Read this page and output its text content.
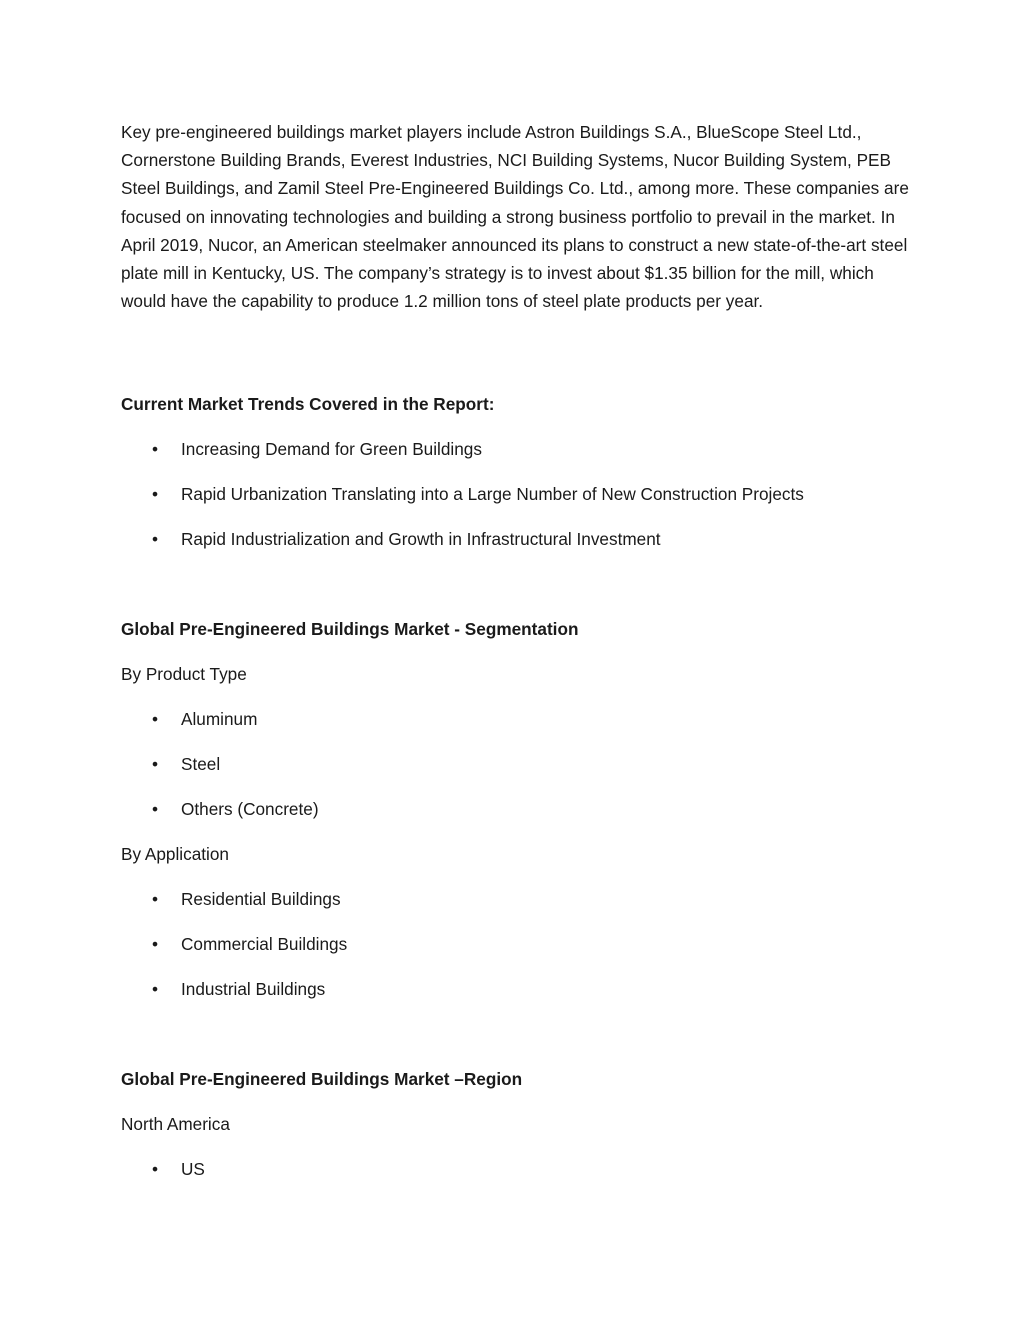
Key pre-engineered buildings market players include Astron Buildings S.A., BlueScope Steel Ltd., Cornerstone Building Brands, Everest Industries, NCI Building Systems, Nucor Building System, PEB Steel Buildings, and Zamil Steel Pre-Engineered Buildings Co. Ltd., among more. These companies are focused on innovating technologies and building a strong business portfolio to prevail in the market. In April 2019, Nucor, an American steelmaker announced its plans to construct a new state-of-the-art steel plate mill in Kentucky, US. The company’s strategy is to invest about $1.35 billion for the mill, which would have the capability to produce 1.2 million tons of steel plate products per year.

Current Market Trends Covered in the Report:

• Increasing Demand for Green Buildings
• Rapid Urbanization Translating into a Large Number of New Construction Projects
• Rapid Industrialization and Growth in Infrastructural Investment

Global Pre-Engineered Buildings Market - Segmentation

By Product Type

• Aluminum
• Steel
• Others (Concrete)

By Application

• Residential Buildings
• Commercial Buildings
• Industrial Buildings

Global Pre-Engineered Buildings Market –Region

North America

• US
